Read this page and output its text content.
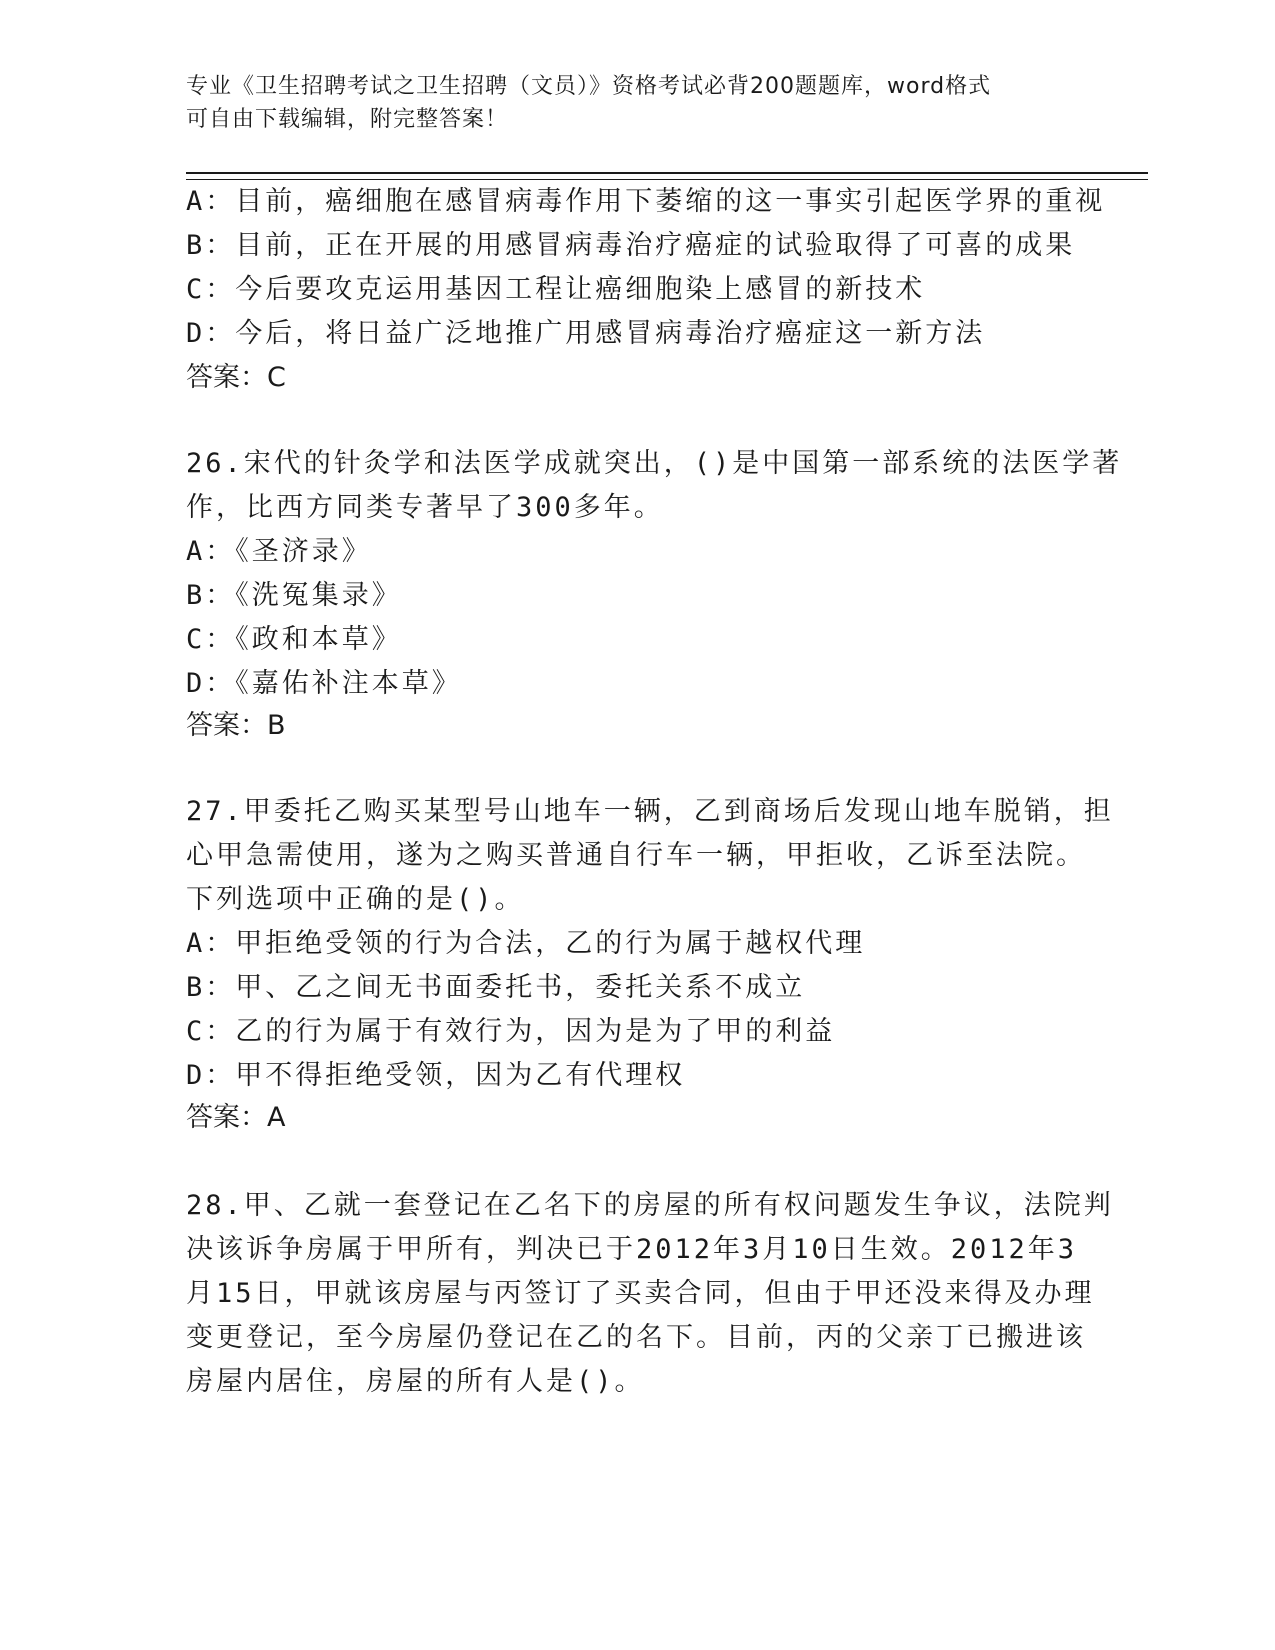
专业《卫生招聘考试之卫生招聘（文员）》资格考试必背200题题库，word格式
可自由下载编辑，附完整答案！
A：目前，癌细胞在感冒病毒作用下萎缩的这一事实引起医学界的重视
B：目前，正在开展的用感冒病毒治疗癌症的试验取得了可喜的成果
C：今后要攻克运用基因工程让癌细胞染上感冒的新技术
D：今后，将日益广泛地推广用感冒病毒治疗癌症这一新方法
答案：C
26.宋代的针灸学和法医学成就突出，()是中国第一部系统的法医学著
作，比西方同类专著早了300多年。
A：《圣济录》
B：《洗冤集录》
C：《政和本草》
D：《嘉佑补注本草》
答案：B
27.甲委托乙购买某型号山地车一辆，乙到商场后发现山地车脱销，担
心甲急需使用，遂为之购买普通自行车一辆，甲拒收，乙诉至法院。
下列选项中正确的是()。
A：甲拒绝受领的行为合法，乙的行为属于越权代理
B：甲、乙之间无书面委托书，委托关系不成立
C：乙的行为属于有效行为，因为是为了甲的利益
D：甲不得拒绝受领，因为乙有代理权
答案：A
28.甲、乙就一套登记在乙名下的房屋的所有权问题发生争议，法院判
决该诉争房属于甲所有，判决已于2012年3月10日生效。2012年3
月15日，甲就该房屋与丙签订了买卖合同，但由于甲还没来得及办理
变更登记，至今房屋仍登记在乙的名下。目前，丙的父亲丁已搬进该
房屋内居住，房屋的所有人是()。
